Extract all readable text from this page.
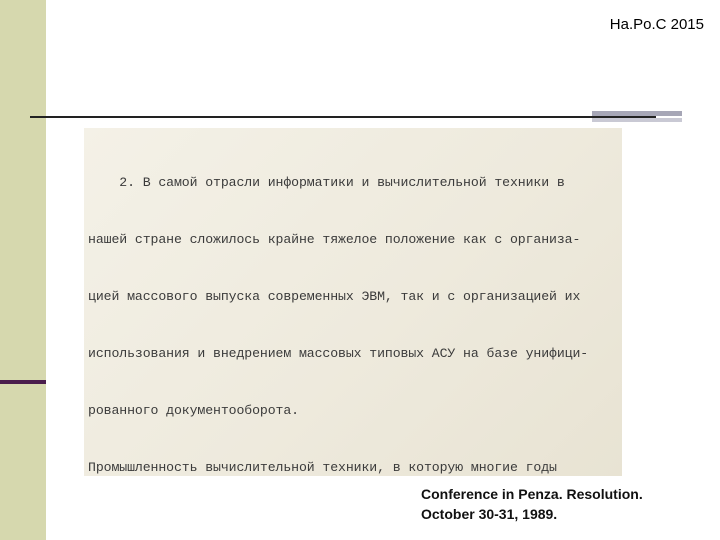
Ha.Po.C 2015

2. В самой отрасли информатики и вычислительной техники в

нашей стране сложилось крайне тяжелое положение как с организа-

цией массового выпуска современных ЭВМ, так и с организацией их

использования и внедрением массовых типовых АСУ на базе унифици-

рованного документооборота.

Промышленность вычислительной техники, в которую многие годы

Conference in Penza. Resolution.
October 30-31, 1989.
